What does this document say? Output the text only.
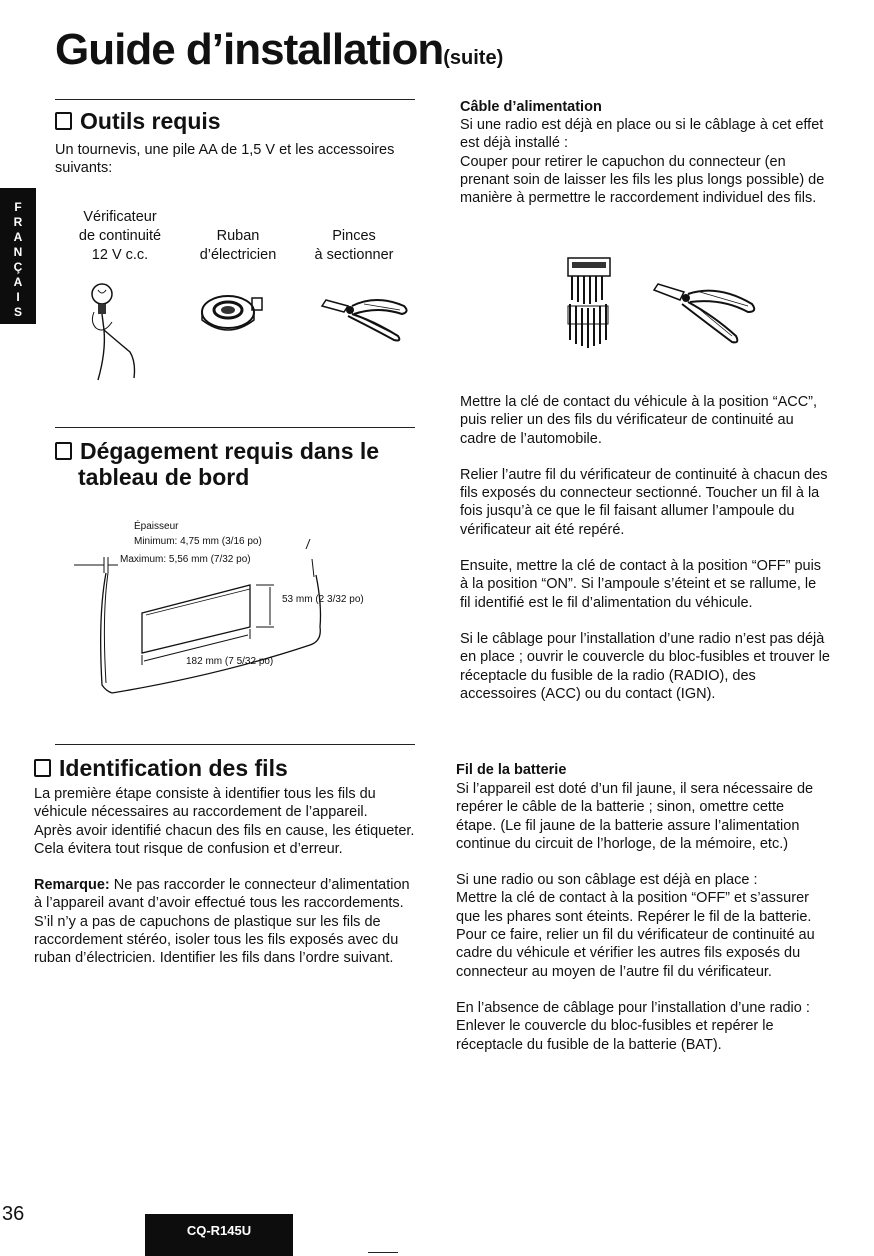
Guide d’installation(suite)
F
R
A
N
Ç
A
I
S
Outils requis
Un tournevis, une pile AA de 1,5 V et les accessoires suivants:
Vérificateur
de continuité
12 V c.c.
Ruban
d’électricien
Pinces
à sectionner
Dégagement requis dans le
tableau de bord
Épaisseur
Minimum: 4,75 mm (3/16 po)
Maximum: 5,56 mm (7/32 po)
53 mm (2 3/32 po)
182 mm (7 5/32 po)
Identification des fils
La première étape consiste à identifier tous les fils du véhicule nécessaires au raccordement de l’appareil.
Après avoir identifié chacun des fils en cause, les étiqueter. Cela évitera tout risque de confusion et d’erreur.
Remarque: Ne pas raccorder le connecteur d’alimentation à l’appareil avant d’avoir effectué tous les raccordements. S’il n’y a pas de capuchons de plastique sur les fils de raccordement stéréo, isoler tous les fils exposés avec du ruban d’électricien. Identifier les fils dans l’ordre suivant.
Câble d’alimentation
Si une radio est déjà en place ou si le câblage à cet effet est déjà installé :
Couper pour retirer le capuchon du connecteur (en prenant soin de laisser les fils les plus longs possible) de manière à permettre le raccordement individuel des fils.
Mettre la clé de contact du véhicule à la position “ACC”, puis relier un des fils du vérificateur de continuité au cadre de l’automobile.
Relier l’autre fil du vérificateur de continuité à chacun des fils exposés du connecteur sectionné. Toucher un fil à la fois jusqu’à ce que le fil faisant allumer l’ampoule du vérificateur ait été repéré.
Ensuite, mettre la clé de contact à la position “OFF” puis à la position “ON”. Si l’ampoule s’éteint et se rallume, le fil identifié est le fil d’alimentation du véhicule.
Si le câblage pour l’installation d’une radio n’est pas déjà en place ; ouvrir le couvercle du bloc-fusibles et trouver le réceptacle du fusible de la radio (RADIO), des accessoires (ACC) ou du contact (IGN).
Fil de la batterie
Si l’appareil est doté d’un fil jaune, il sera nécessaire de repérer le câble de la batterie ; sinon, omettre cette étape. (Le fil jaune de la batterie assure l’alimentation continue du circuit de l’horloge, de la mémoire, etc.)
Si une radio ou son câblage est déjà en place :
Mettre la clé de contact à la position “OFF” et s’assurer que les phares sont éteints. Repérer le fil de la batterie. Pour ce faire, relier un fil du vérificateur de continuité au cadre du véhicule et vérifier les autres fils exposés du connecteur au moyen de l’autre fil du vérificateur.
En l’absence de câblage pour l’installation d’une radio :
Enlever le couvercle du bloc-fusibles et repérer le réceptacle du fusible de la batterie (BAT).
36
CQ-R145U
